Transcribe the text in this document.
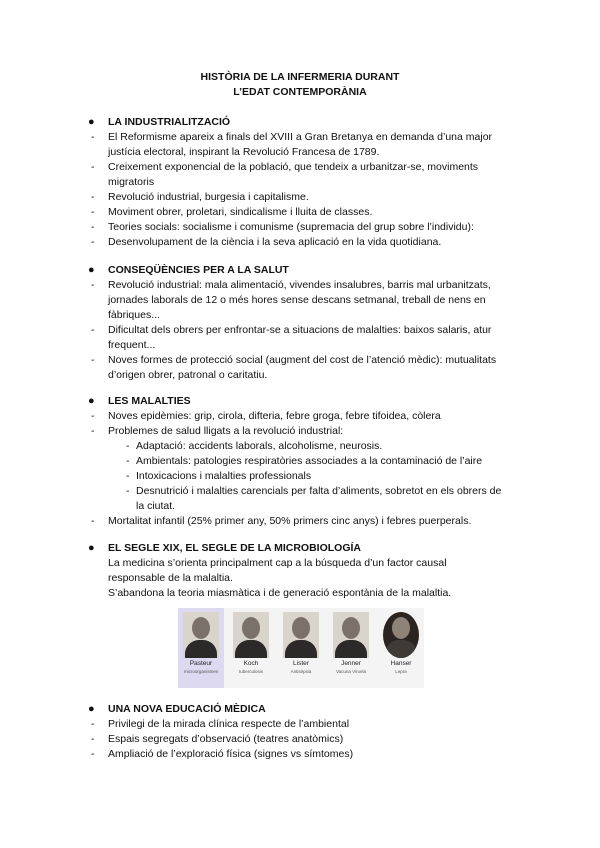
HISTÒRIA DE LA INFERMERIA DURANT
L’EDAT CONTEMPORÀNIA
● LA INDUSTRIALITZACIÓ
- El Reformisme apareix a finals del XVIII a Gran Bretanya en demanda d’una major
justícia electoral, inspirant la Revolució Francesa de 1789.
- Creixement exponencial de la població, que tendeix a urbanitzar-se, moviments
migratoris
- Revolució industrial, burgesia i capitalisme.
- Moviment obrer, proletari, sindicalisme i lluita de classes.
- Teories socials: socialisme i comunisme (supremacia del grup sobre l’individu):
- Desenvolupament de la ciència i la seva aplicació en la vida quotidiana.
● CONSEQÜÈNCIES PER A LA SALUT
- Revolució industrial: mala alimentació, vivendes insalubres, barris mal urbanitzats,
jornades laborals de 12 o més hores sense descans setmanal, treball de nens en
fàbriques...
- Dificultat dels obrers per enfrontar-se a situacions de malalties: baixos salaris, atur
frequent...
- Noves formes de protecció social (augment del cost de l’atenció mèdic): mutualitats
d’origen obrer, patronal o caritatiu.
● LES MALALTIES
- Noves epidèmies: grip, cirola, difteria, febre groga, febre tifoidea, còlera
- Problemes de salud lligats a la revolució industrial:
- Adaptació: accidents laborals, alcoholisme, neurosis.
- Ambientals: patologies respiratòries associades a la contaminació de l’aire
- Intoxicacions i malalties professionals
- Desnutrició i malalties carencials per falta d’aliments, sobretot en els obrers de
la ciutat.
- Mortalitat infantil (25% primer any, 50% primers cinc anys) i febres puerperals.
● EL SEGLE XIX, EL SEGLE DE LA MICROBIOLOGÍA
La medicina s’orienta principalment cap a la búsqueda d’un factor causal
responsable de la malaltia.
S’abandona la teoria miasmàtica i de generació espontània de la malaltia.
Pasteur
microorganismes
Koch
tuberculosis
Lister
Antisèpsia
Jenner
Vacuna Viruela
Hanser
Lepra
● UNA NOVA EDUCACIÓ MÈDICA
- Privilegi de la mirada clínica respecte de l’ambiental
- Espais segregats d’observació (teatres anatòmics)
- Ampliació de l’exploració física (signes vs símtomes)
